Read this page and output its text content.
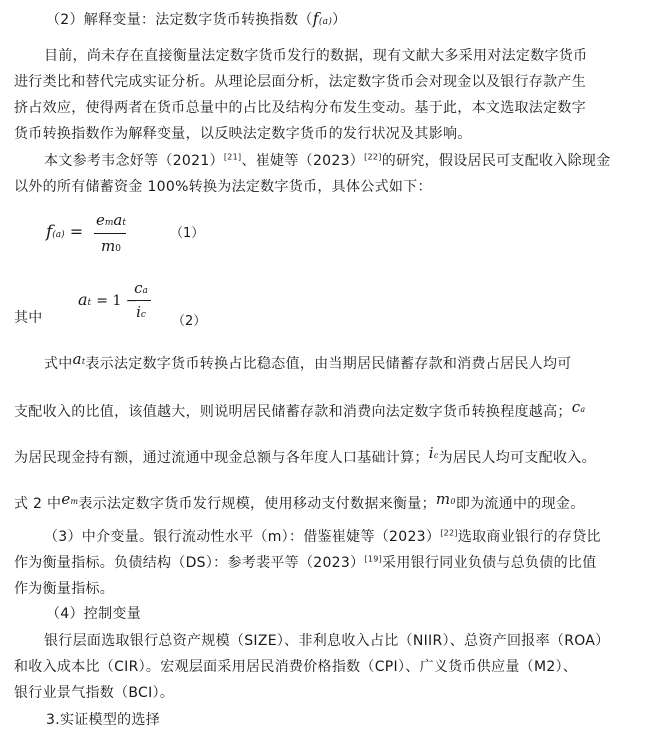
（2）解释变量：法定数字货币转换指数（f(a)）
目前，尚未存在直接衡量法定数字货币发行的数据，现有文献大多采用对法定数字货币
进行类比和替代完成实证分析。从理论层面分析，法定数字货币会对现金以及银行存款产生
挤占效应，使得两者在货币总量中的占比及结构分布发生变动。基于此，本文选取法定数字
货币转换指数作为解释变量，以反映法定数字货币的发行状况及其影响。
本文参考韦念妤等（2021）[21]、崔婕等（2023）[22]的研究，假设居民可支配收入除现金
以外的所有储蓄资金 100%转换为法定数字货币，具体公式如下：
f(a) =
emat
m0
（1）
其中
at = 1 −
ca
ic	（2）
式中at表示法定数字货币转换占比稳态值，由当期居民储蓄存款和消费占居民人均可
支配收入的比值，该值越大，则说明居民储蓄存款和消费向法定数字货币转换程度越高；ca
为居民现金持有额，通过流通中现金总额与各年度人口基础计算；ic为居民人均可支配收入。
式 2 中em表示法定数字货币发行规模，使用移动支付数据来衡量；m0即为流通中的现金。
（3）中介变量。银行流动性水平（m）：借鉴崔婕等（2023）[22]选取商业银行的存贷比
作为衡量指标。负债结构（DS）：参考裴平等（2023）[19]采用银行同业负债与总负债的比值
作为衡量指标。
（4）控制变量
银行层面选取银行总资产规模（SIZE）、非利息收入占比（NIIR）、总资产回报率（ROA）
和收入成本比（CIR）。宏观层面采用居民消费价格指数（CPI）、广义货币供应量（M2）、
银行业景气指数（BCI）。
3.实证模型的选择
